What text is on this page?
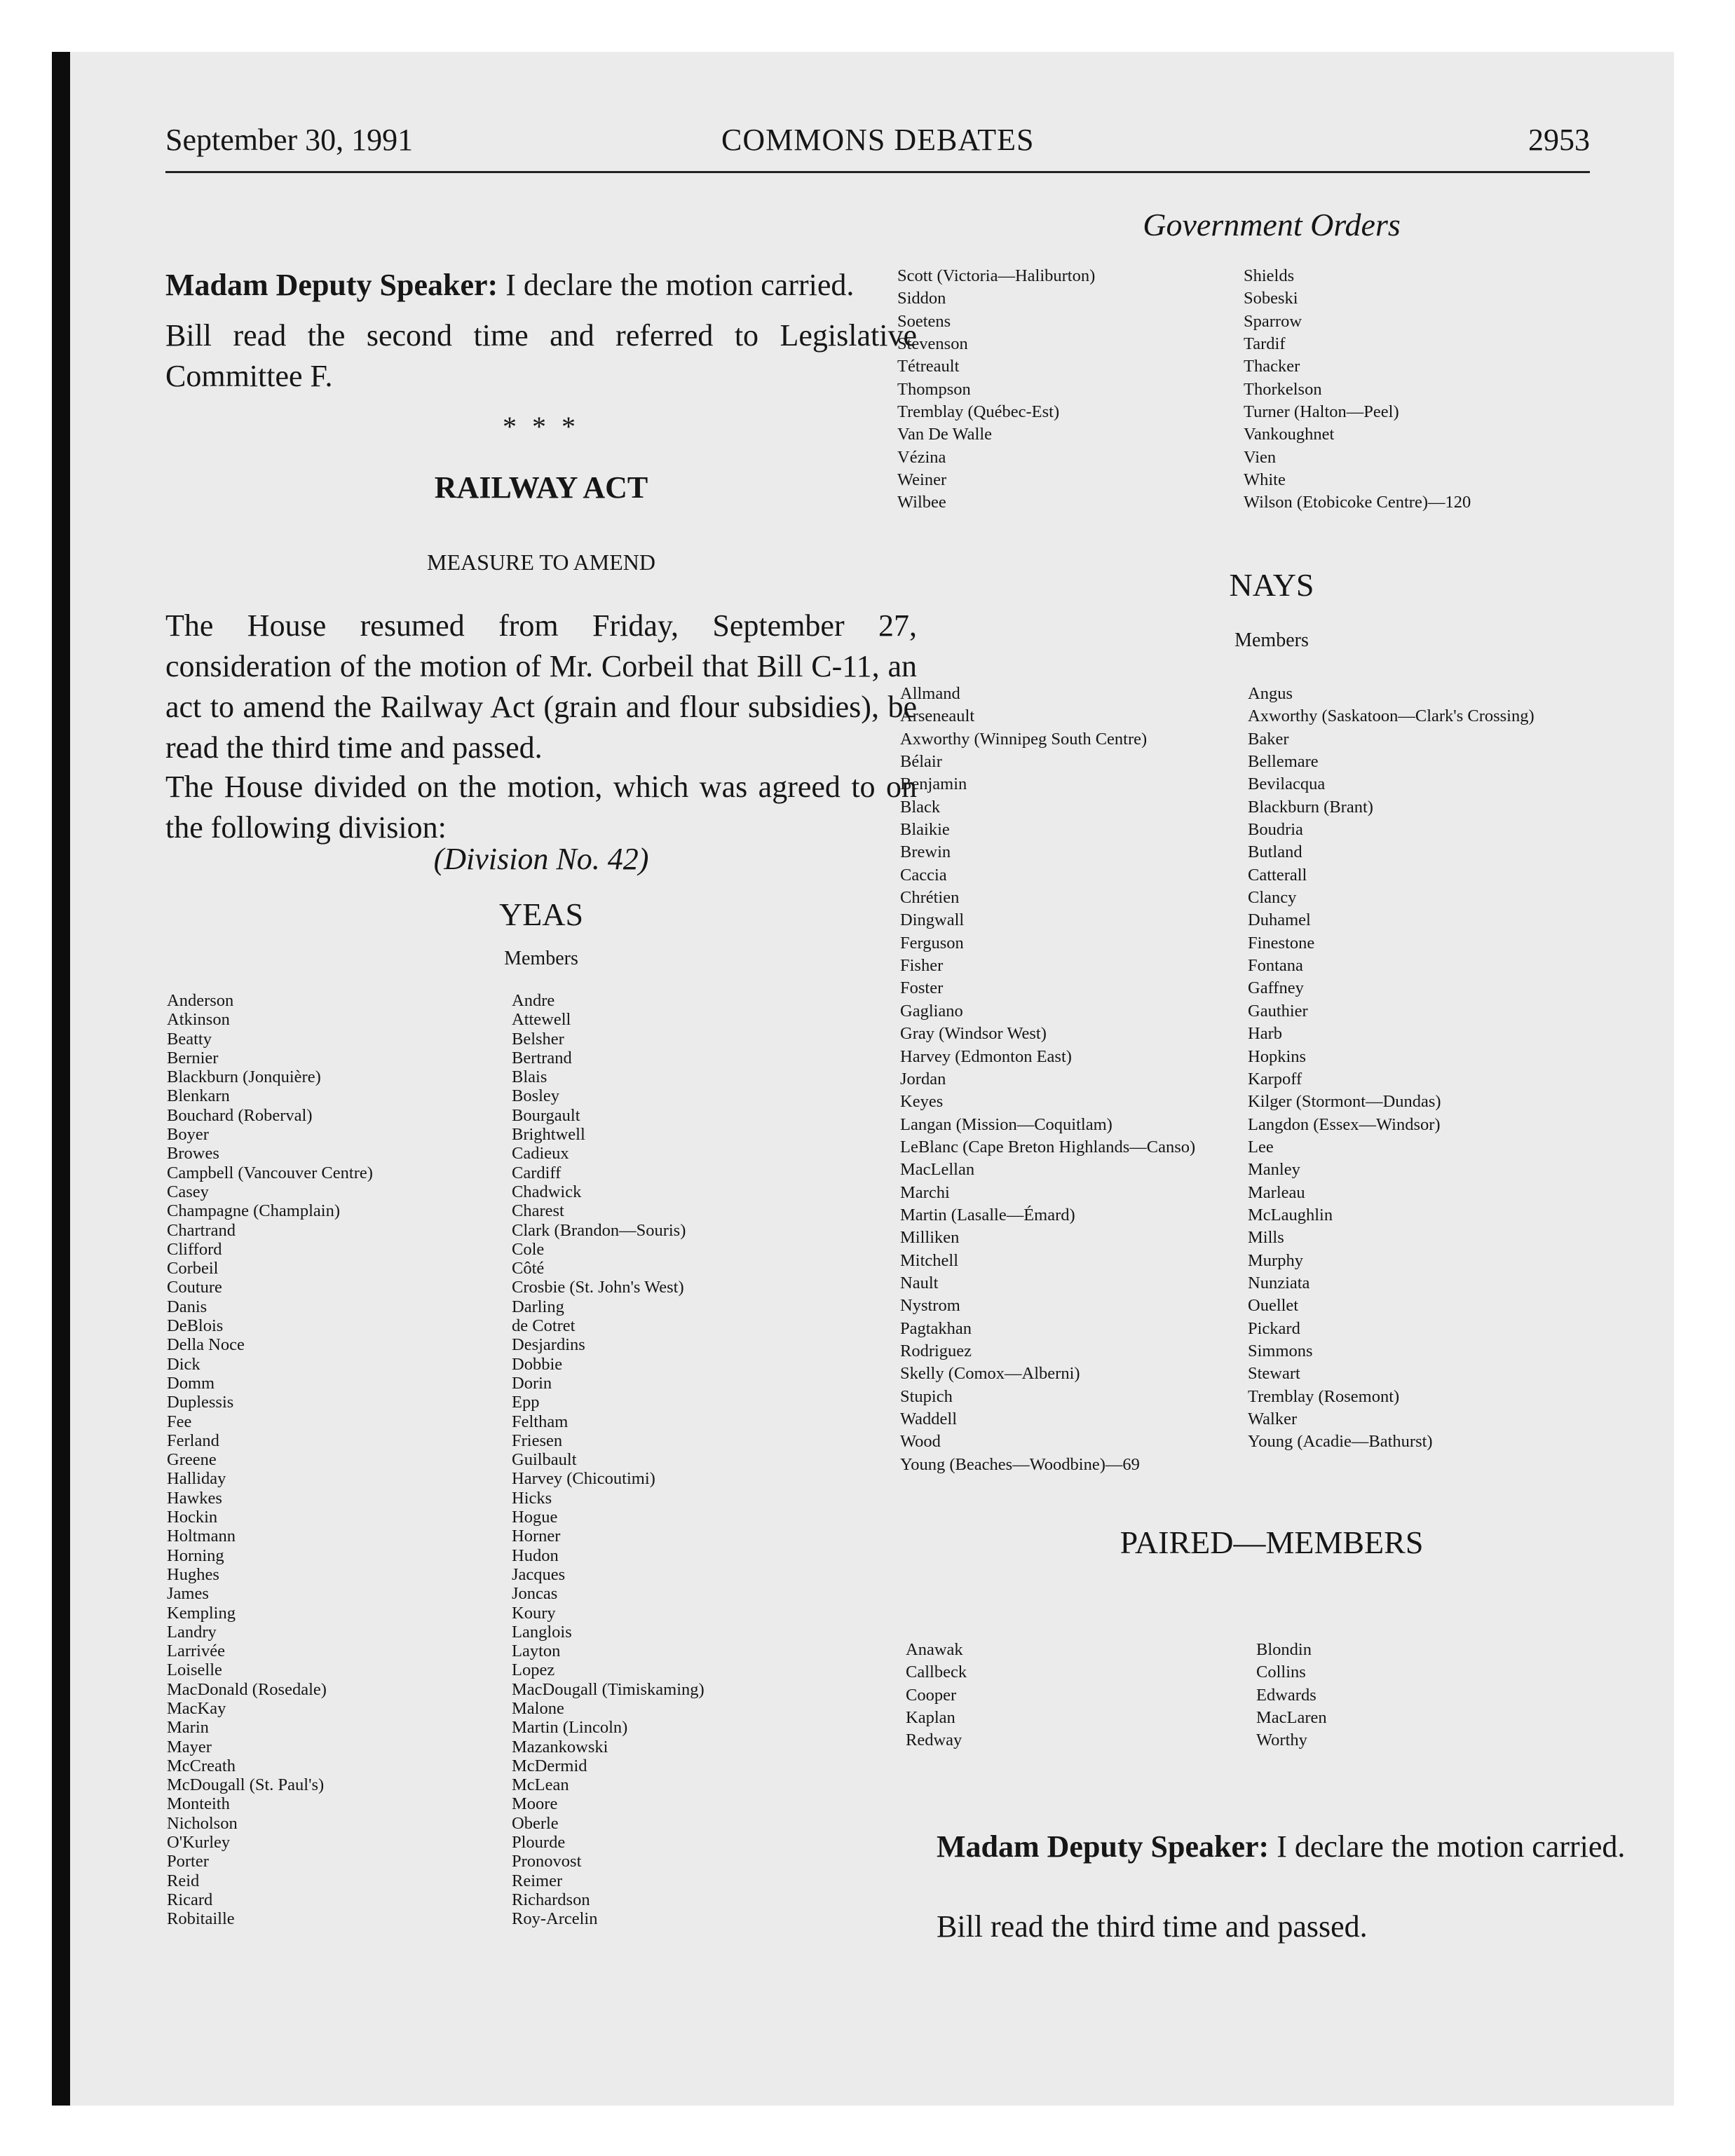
September 30, 1991	COMMONS DEBATES	2953
Government Orders

Madam Deputy Speaker: I declare the motion carried.

Bill read the second time and referred to Legislative Committee F.

* * *
RAILWAY ACT
MEASURE TO AMEND

The House resumed from Friday, September 27, consideration of the motion of Mr. Corbeil that Bill C-11, an act to amend the Railway Act (grain and flour subsidies), be read the third time and passed.

The House divided on the motion, which was agreed to on the following division:

(Division No. 42)
YEAS
Members
Anderson
Atkinson
Beatty
Bernier
Blackburn (Jonquière)
Blenkarn
Bouchard (Roberval)
Boyer
Browes
Campbell (Vancouver Centre)
Casey
Champagne (Champlain)
Chartrand
Clifford
Corbeil
Couture
Danis
DeBlois
Della Noce
Dick
Domm
Duplessis
Fee
Ferland
Greene
Halliday
Hawkes
Hockin
Holtmann
Horning
Hughes
James
Kempling
Landry
Larrivée
Loiselle
MacDonald (Rosedale)
MacKay
Marin
Mayer
McCreath
McDougall (St. Paul's)
Monteith
Nicholson
O'Kurley
Porter
Reid
Ricard
Robitaille
Andre
Attewell
Belsher
Bertrand
Blais
Bosley
Bourgault
Brightwell
Cadieux
Cardiff
Chadwick
Charest
Clark (Brandon—Souris)
Cole
Côté
Crosbie (St. John's West)
Darling
de Cotret
Desjardins
Dobbie
Dorin
Epp
Feltham
Friesen
Guilbault
Harvey (Chicoutimi)
Hicks
Hogue
Horner
Hudon
Jacques
Joncas
Koury
Langlois
Layton
Lopez
MacDougall (Timiskaming)
Malone
Martin (Lincoln)
Mazankowski
McDermid
McLean
Moore
Oberle
Plourde
Pronovost
Reimer
Richardson
Roy-Arcelin
Scott (Victoria—Haliburton)
Siddon
Soetens
Stevenson
Tétreault
Thompson
Tremblay (Québec-Est)
Van De Walle
Vézina
Weiner
Wilbee
Shields
Sobeski
Sparrow
Tardif
Thacker
Thorkelson
Turner (Halton—Peel)
Vankoughnet
Vien
White
Wilson (Etobicoke Centre)—120
NAYS
Members
Allmand
Arseneault
Axworthy (Winnipeg South Centre)
Bélair
Benjamin
Black
Blaikie
Brewin
Caccia
Chrétien
Dingwall
Ferguson
Fisher
Foster
Gagliano
Gray (Windsor West)
Harvey (Edmonton East)
Jordan
Keyes
Langan (Mission—Coquitlam)
LeBlanc (Cape Breton Highlands—Canso)
MacLellan
Marchi
Martin (Lasalle—Émard)
Milliken
Mitchell
Nault
Nystrom
Pagtakhan
Rodriguez
Skelly (Comox—Alberni)
Stupich
Waddell
Wood
Young (Beaches—Woodbine)—69
Angus
Axworthy (Saskatoon—Clark's Crossing)
Baker
Bellemare
Bevilacqua
Blackburn (Brant)
Boudria
Butland
Catterall
Clancy
Duhamel
Finestone
Fontana
Gaffney
Gauthier
Harb
Hopkins
Karpoff
Kilger (Stormont—Dundas)
Langdon (Essex—Windsor)
Lee
Manley
Marleau
McLaughlin
Mills
Murphy
Nunziata
Ouellet
Pickard
Simmons
Stewart
Tremblay (Rosemont)
Walker
Young (Acadie—Bathurst)
PAIRED—MEMBERS
Anawak
Callbeck
Cooper
Kaplan
Redway
Blondin
Collins
Edwards
MacLaren
Worthy

Madam Deputy Speaker: I declare the motion carried.

Bill read the third time and passed.
